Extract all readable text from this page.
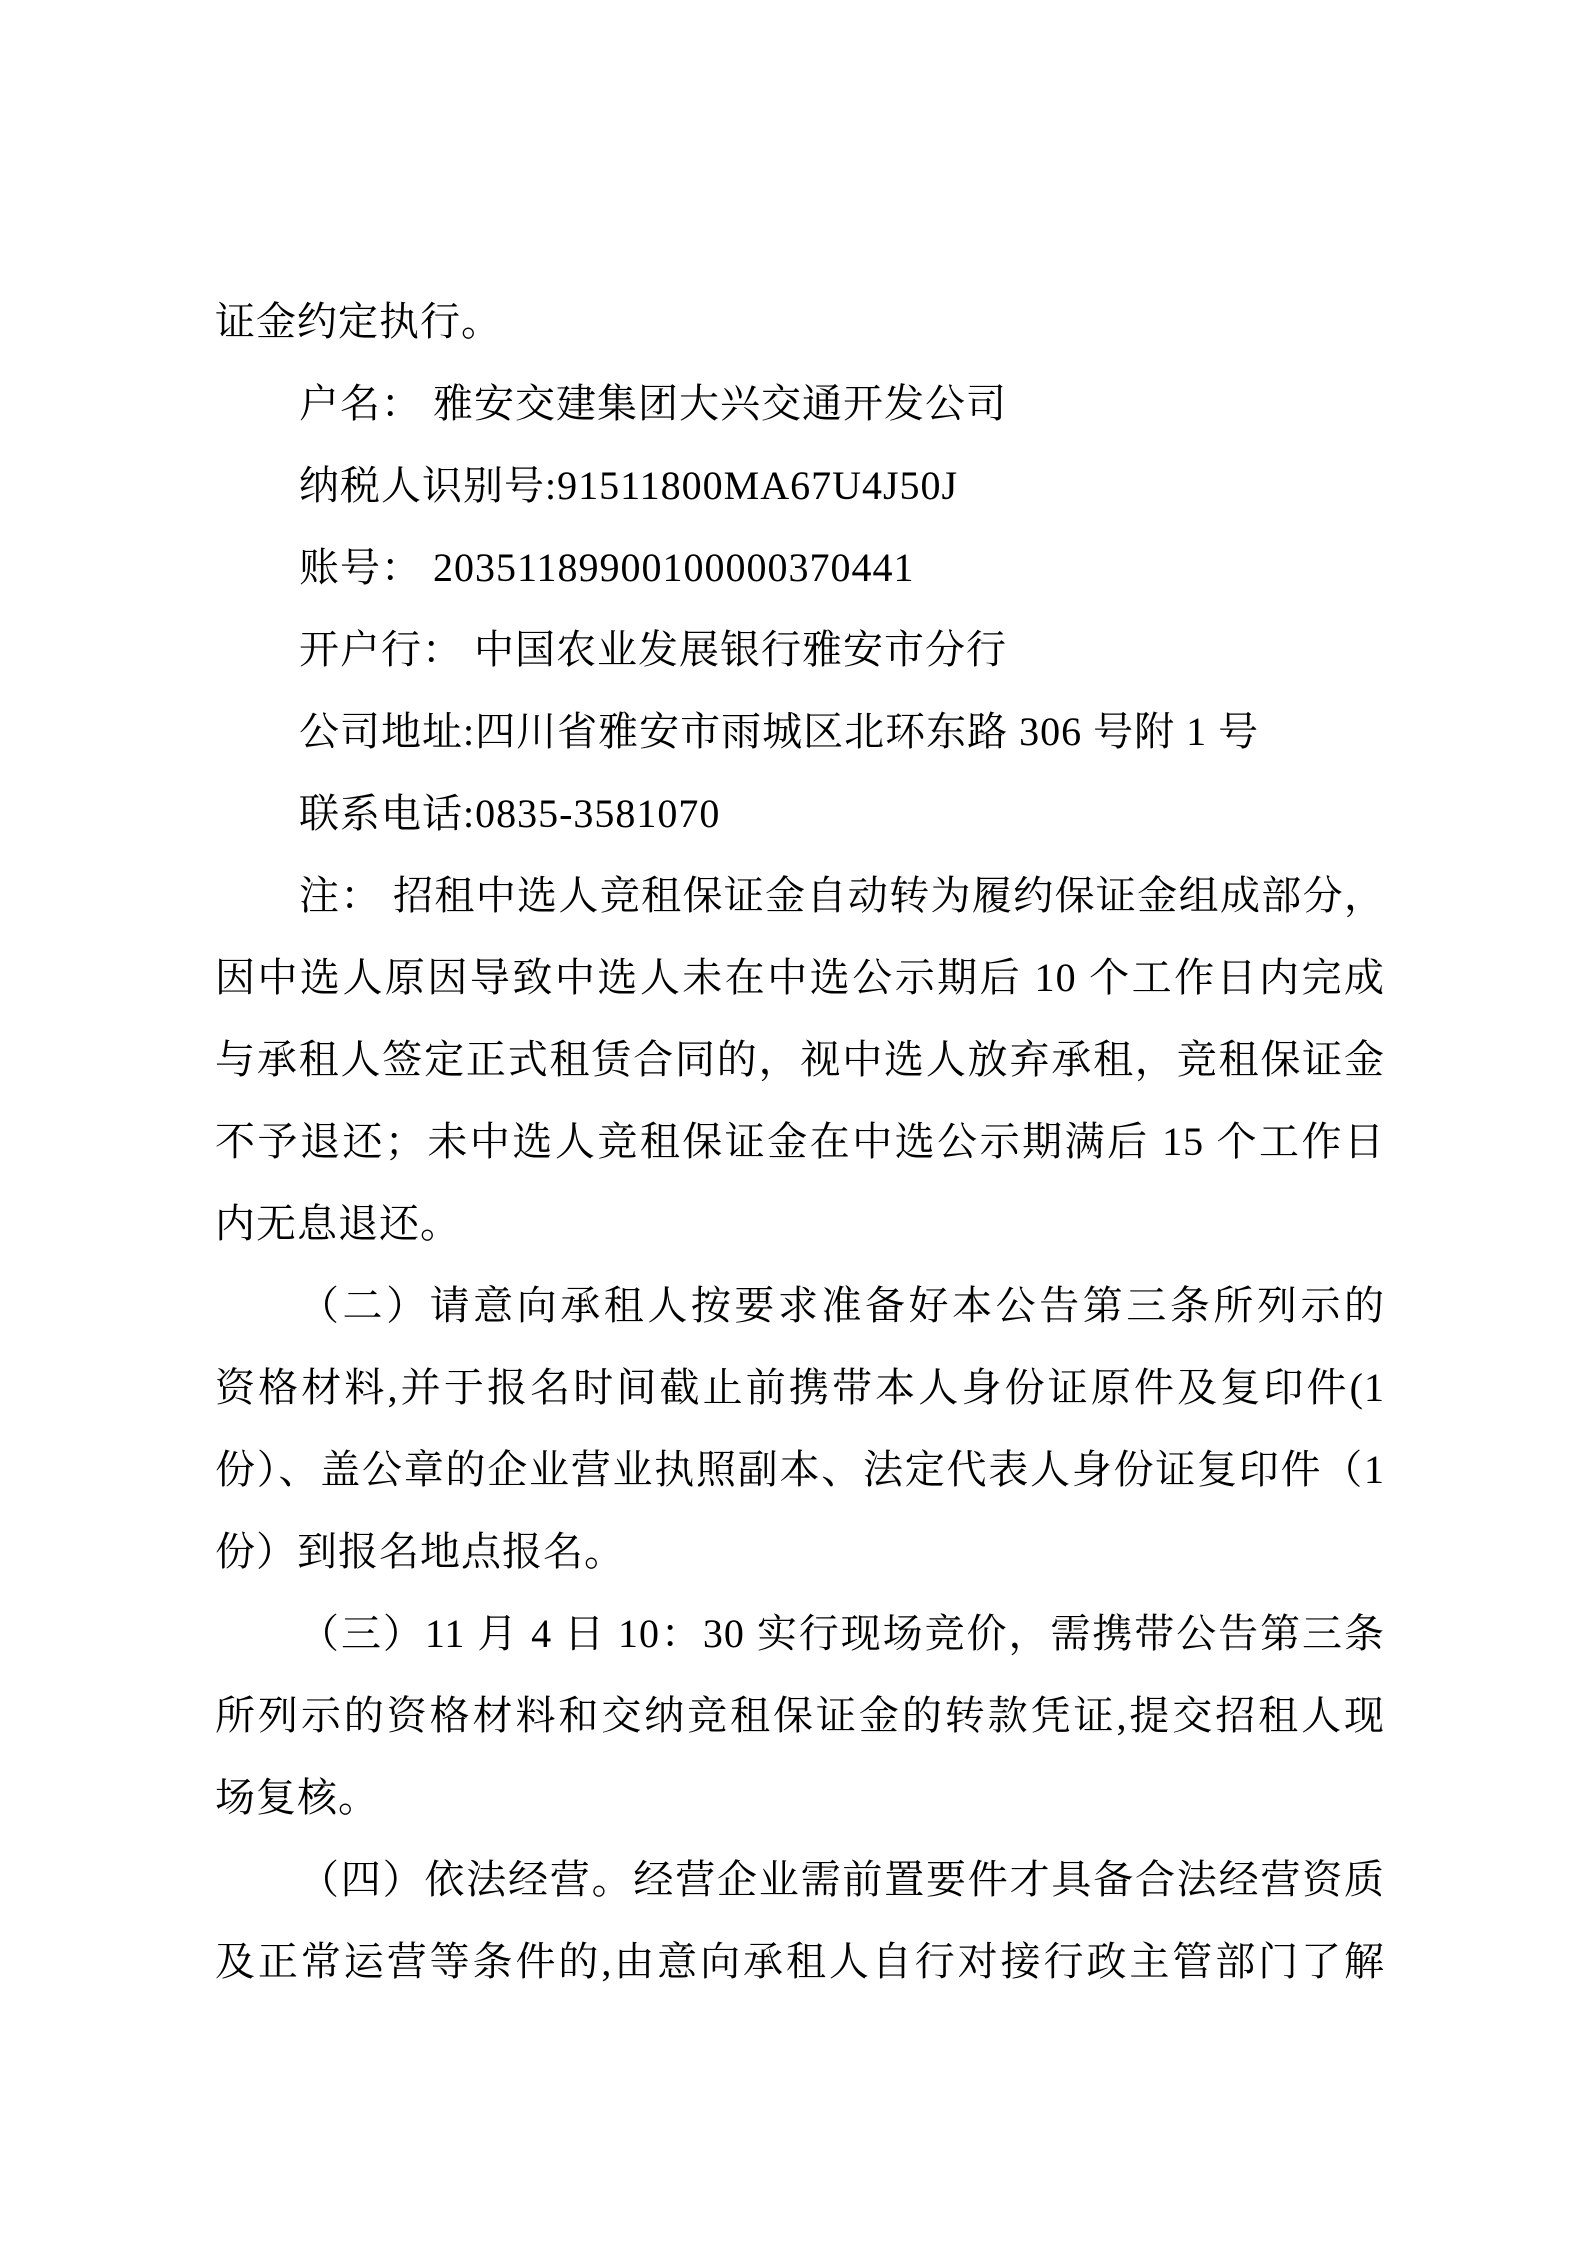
证金约定执行。
户名： 雅安交建集团大兴交通开发公司
纳税人识别号:91511800MA67U4J50J
账号： 20351189900100000370441
开户行： 中国农业发展银行雅安市分行
公司地址:四川省雅安市雨城区北环东路 306 号附 1 号
联系电话:0835-3581070
注： 招租中选人竞租保证金自动转为履约保证金组成部分，
因中选人原因导致中选人未在中选公示期后 10 个工作日内完成
与承租人签定正式租赁合同的，视中选人放弃承租，竞租保证金
不予退还；未中选人竞租保证金在中选公示期满后 15 个工作日
内无息退还。
（二）请意向承租人按要求准备好本公告第三条所列示的
资格材料,并于报名时间截止前携带本人身份证原件及复印件(1
份）、盖公章的企业营业执照副本、法定代表人身份证复印件（1
份）到报名地点报名。
（三）11 月 4 日 10：30 实行现场竞价，需携带公告第三条
所列示的资格材料和交纳竞租保证金的转款凭证,提交招租人现
场复核。
（四）依法经营。经营企业需前置要件才具备合法经营资质
及正常运营等条件的,由意向承租人自行对接行政主管部门了解
